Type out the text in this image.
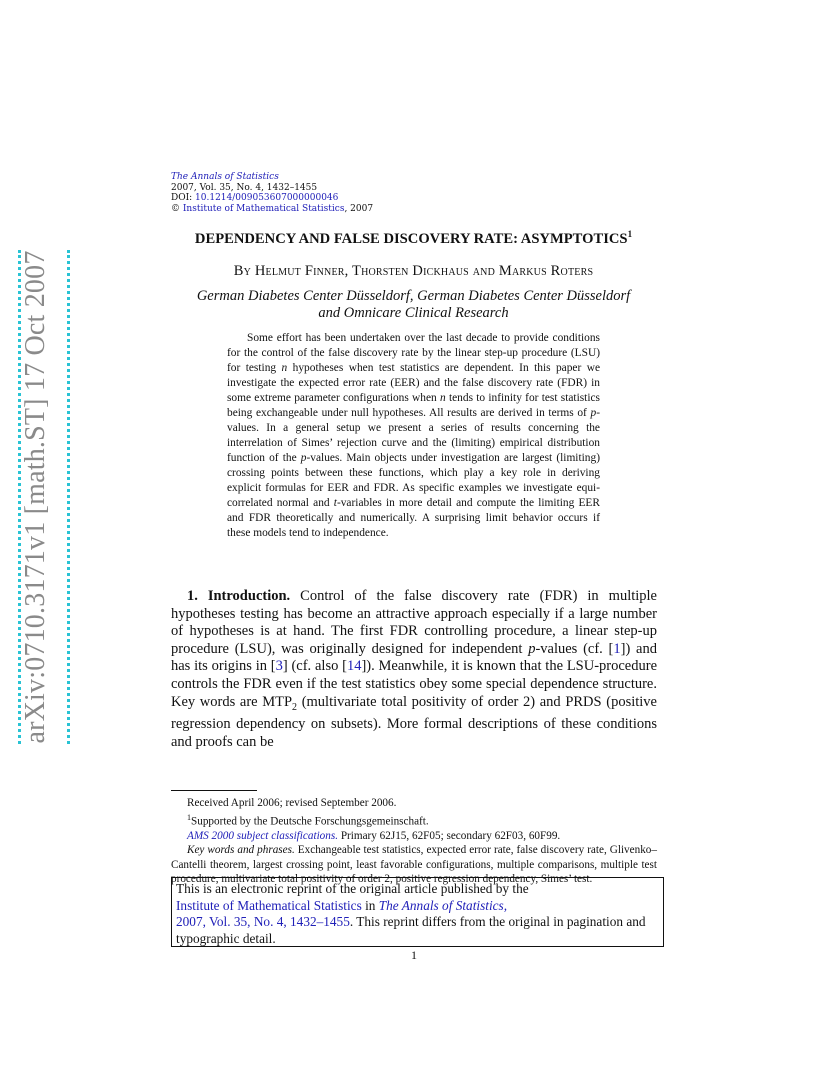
arXiv:0710.3171v1 [math.ST] 17 Oct 2007
The Annals of Statistics
2007, Vol. 35, No. 4, 1432–1455
DOI: 10.1214/009053607000000046
© Institute of Mathematical Statistics, 2007
DEPENDENCY AND FALSE DISCOVERY RATE: ASYMPTOTICS$^1$
By Helmut Finner, Thorsten Dickhaus and Markus Roters
German Diabetes Center Düsseldorf, German Diabetes Center Düsseldorf
and Omnicare Clinical Research
Some effort has been undertaken over the last decade to provide conditions for the control of the false discovery rate by the linear step-up procedure (LSU) for testing n hypotheses when test statistics are dependent. In this paper we investigate the expected error rate (EER) and the false discovery rate (FDR) in some extreme parameter configurations when n tends to infinity for test statistics being exchangeable under null hypotheses. All results are derived in terms of p-values. In a general setup we present a series of results concerning the interrelation of Simes’ rejection curve and the (limiting) empirical distribution function of the p-values. Main objects under investigation are largest (limiting) crossing points between these functions, which play a key role in deriving explicit formulas for EER and FDR. As specific examples we investigate equi-correlated normal and t-variables in more detail and compute the limiting EER and FDR theoretically and numerically. A surprising limit behavior occurs if these models tend to independence.
1. Introduction. Control of the false discovery rate (FDR) in multiple hypotheses testing has become an attractive approach especially if a large number of hypotheses is at hand. The first FDR controlling procedure, a linear step-up procedure (LSU), was originally designed for independent p-values (cf. [1]) and has its origins in [3] (cf. also [14]). Meanwhile, it is known that the LSU-procedure controls the FDR even if the test statistics obey some special dependence structure. Key words are $MTP_2$ (multivariate total positivity of order 2) and PRDS (positive regression dependency on subsets). More formal descriptions of these conditions and proofs can be

Received April 2006; revised September 2006.

$^1$Supported by the Deutsche Forschungsgemeinschaft.

AMS 2000 subject classifications. Primary 62J15, 62F05; secondary 62F03, 60F99.

Key words and phrases. Exchangeable test statistics, expected error rate, false discovery rate, Glivenko–Cantelli theorem, largest crossing point, least favorable configurations, multiple comparisons, multiple test procedure, multivariate total positivity of order 2, positive regression dependency, Simes’ test.

This is an electronic reprint of the original article published by the
Institute of Mathematical Statistics in The Annals of Statistics,
2007, Vol. 35, No. 4, 1432–1455. This reprint differs from the original in pagination and typographic detail.
1
